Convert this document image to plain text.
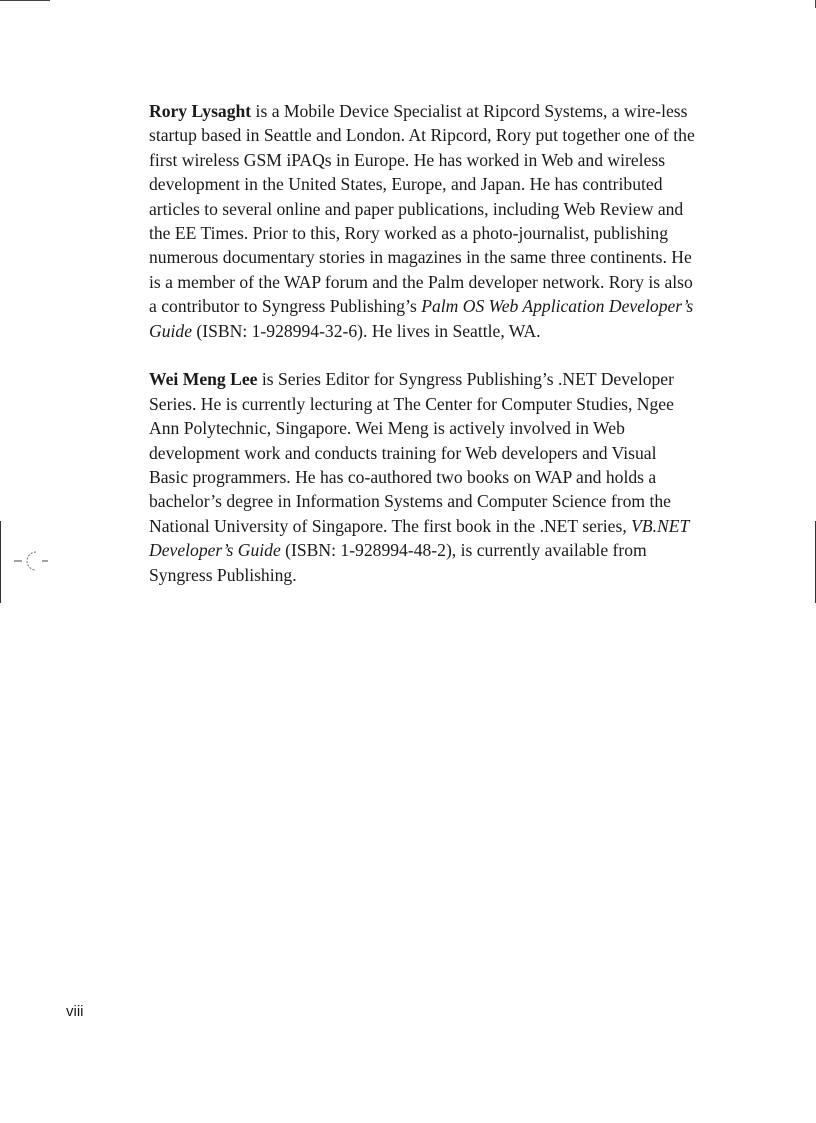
Rory Lysaght is a Mobile Device Specialist at Ripcord Systems, a wire-less startup based in Seattle and London. At Ripcord, Rory put together one of the first wireless GSM iPAQs in Europe. He has worked in Web and wireless development in the United States, Europe, and Japan. He has contributed articles to several online and paper publications, including Web Review and the EE Times. Prior to this, Rory worked as a photo-journalist, publishing numerous documentary stories in magazines in the same three continents. He is a member of the WAP forum and the Palm developer network. Rory is also a contributor to Syngress Publishing’s Palm OS Web Application Developer’s Guide (ISBN: 1-928994-32-6). He lives in Seattle, WA.

Wei Meng Lee is Series Editor for Syngress Publishing’s .NET Developer Series. He is currently lecturing at The Center for Computer Studies, Ngee Ann Polytechnic, Singapore. Wei Meng is actively involved in Web development work and conducts training for Web developers and Visual Basic programmers. He has co-authored two books on WAP and holds a bachelor’s degree in Information Systems and Computer Science from the National University of Singapore. The first book in the .NET series, VB.NET Developer’s Guide (ISBN: 1-928994-48-2), is currently available from Syngress Publishing.

viii
